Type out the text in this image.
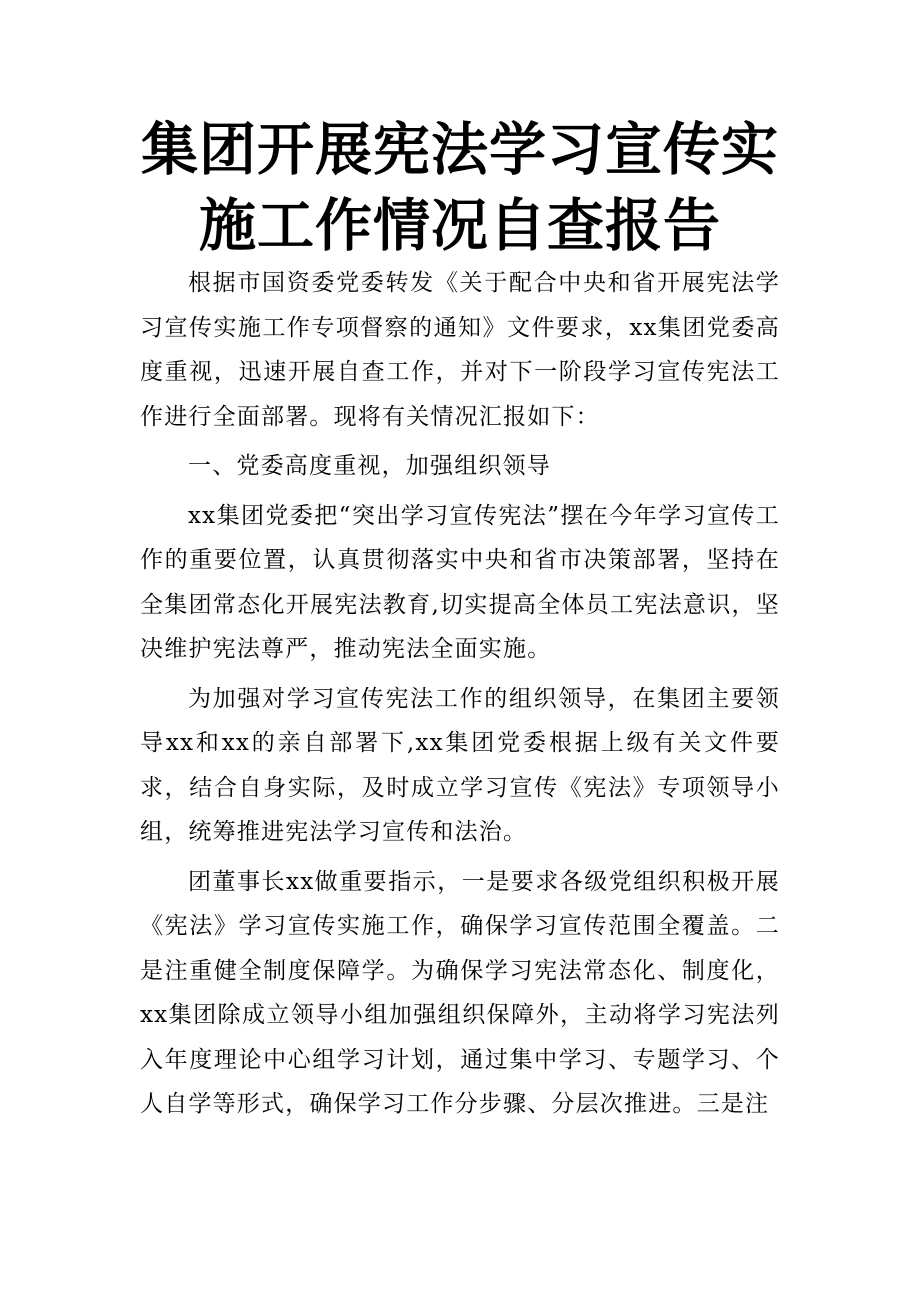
集团开展宪法学习宣传实
施工作情况自查报告

根据市国资委党委转发《关于配合中央和省开展宪法学习宣传实施工作专项督察的通知》文件要求，xx集团党委高度重视，迅速开展自查工作，并对下一阶段学习宣传宪法工作进行全面部署。现将有关情况汇报如下：

一、党委高度重视，加强组织领导

xx集团党委把“突出学习宣传宪法”摆在今年学习宣传工作的重要位置，认真贯彻落实中央和省市决策部署，坚持在全集团常态化开展宪法教育,切实提高全体员工宪法意识，坚决维护宪法尊严，推动宪法全面实施。

为加强对学习宣传宪法工作的组织领导，在集团主要领导xx和xx的亲自部署下,xx集团党委根据上级有关文件要求，结合自身实际，及时成立学习宣传《宪法》专项领导小组，统筹推进宪法学习宣传和法治。

团董事长xx做重要指示，一是要求各级党组织积极开展《宪法》学习宣传实施工作，确保学习宣传范围全覆盖。二是注重健全制度保障学。为确保学习宪法常态化、制度化，xx集团除成立领导小组加强组织保障外，主动将学习宪法列入年度理论中心组学习计划，通过集中学习、专题学习、个人自学等形式，确保学习工作分步骤、分层次推进。三是注
